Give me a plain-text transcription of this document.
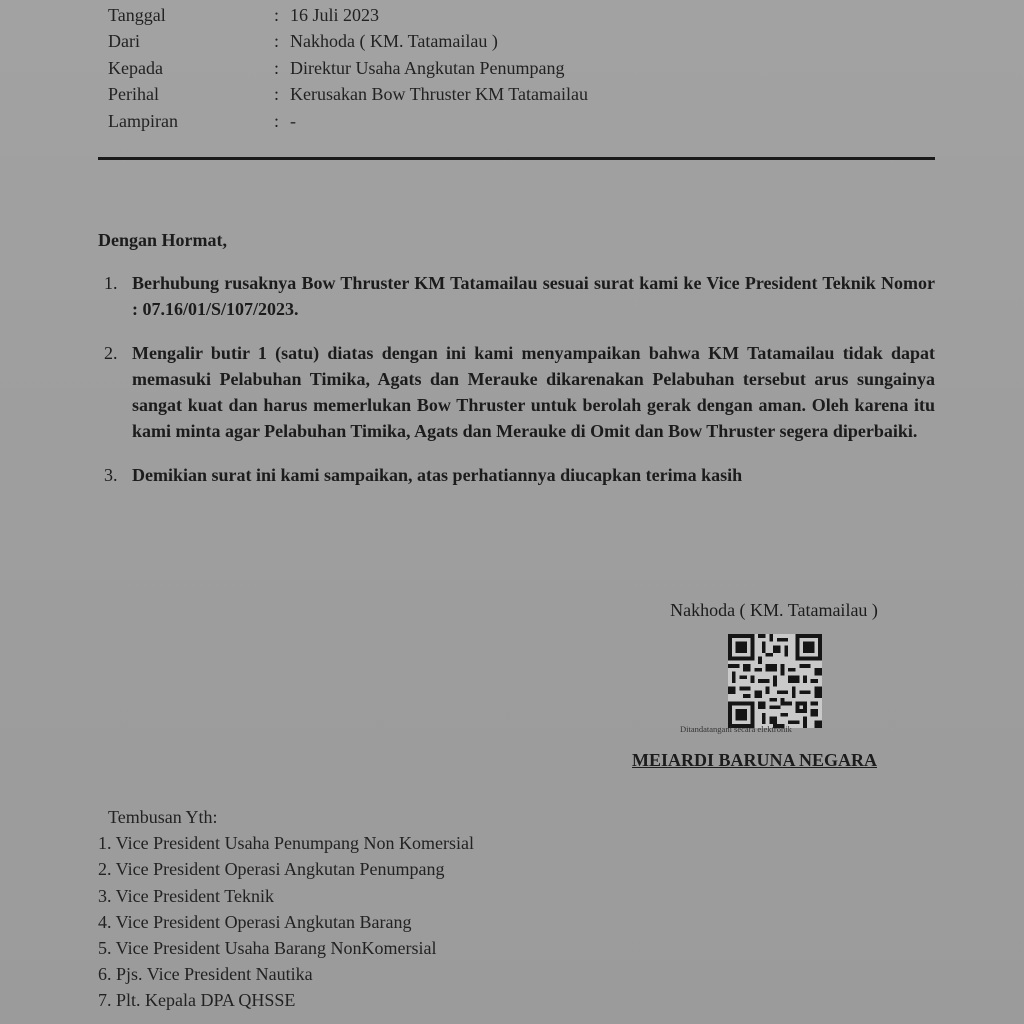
Tanggal	: 16 Juli 2023
Dari	: Nakhoda ( KM. Tatamailau )
Kepada	: Direktur Usaha Angkutan Penumpang
Perihal	: Kerusakan Bow Thruster KM Tatamailau
Lampiran	: -
Dengan Hormat,
1. Berhubung rusaknya Bow Thruster KM Tatamailau sesuai surat kami ke Vice President Teknik Nomor : 07.16/01/S/107/2023.
2. Mengalir butir 1 (satu) diatas dengan ini kami menyampaikan bahwa KM Tatamailau tidak dapat memasuki Pelabuhan Timika, Agats dan Merauke dikarenakan Pelabuhan tersebut arus sungainya sangat kuat dan harus memerlukan Bow Thruster untuk berolah gerak dengan aman. Oleh karena itu kami minta agar Pelabuhan Timika, Agats dan Merauke di Omit dan Bow Thruster segera diperbaiki.
3. Demikian surat ini kami sampaikan, atas perhatiannya diucapkan terima kasih
Nakhoda ( KM. Tatamailau )
Ditandatangani secara elektronik
MEIARDI BARUNA NEGARA
Tembusan Yth:
1. Vice President Usaha Penumpang Non Komersial
2. Vice President Operasi Angkutan Penumpang
3. Vice President Teknik
4. Vice President Operasi Angkutan Barang
5. Vice President Usaha Barang NonKomersial
6. Pjs. Vice President Nautika
7. Plt. Kepala DPA QHSSE
